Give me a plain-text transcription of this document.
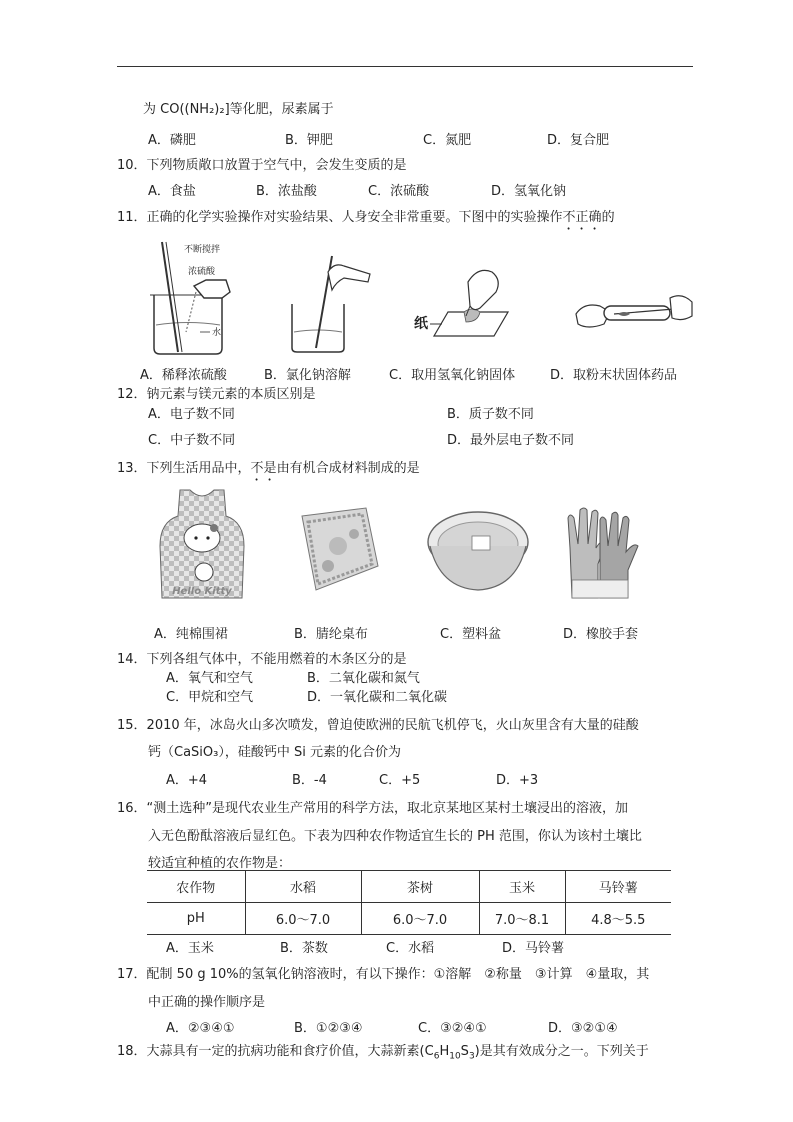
为 CO((NH₂)₂]等化肥，尿素属于
A．磷肥	B．钾肥	C．氮肥	D．复合肥
10．下列物质敞口放置于空气中，会发生变质的是
A．食盐	B．浓盐酸	C．浓硫酸	D．氢氧化钠
11．正确的化学实验操作对实验结果、人身安全非常重要。下图中的实验操作不正确的
不断搅拌
浓硫酸
水
纸
A．稀释浓硫酸	B．氯化钠溶解	C．取用氢氧化钠固体	D．取粉末状固体药品
12．钠元素与镁元素的本质区别是
A．电子数不同	B．质子数不同
C．中子数不同	D．最外层电子数不同
13．下列生活用品中，不是由有机合成材料制成的是
Hello Kitty
A．纯棉围裙	B．腈纶桌布	C．塑料盆	D．橡胶手套
14．下列各组气体中，不能用燃着的木条区分的是
A．氧气和空气	B．二氧化碳和氮气
C．甲烷和空气	D．一氧化碳和二氧化碳
15．2010 年，冰岛火山多次喷发，曾迫使欧洲的民航飞机停飞，火山灰里含有大量的硅酸
钙（CaSiO₃），硅酸钙中 Si 元素的化合价为
A．+4	B．-4	C．+5	D．+3
16．“测土选种”是现代农业生产常用的科学方法，取北京某地区某村土壤浸出的溶液，加
入无色酚酞溶液后显红色。下表为四种农作物适宜生长的 PH 范围，你认为该村土壤比
较适宜种植的农作物是：
农作物	水稻	茶树	玉米	马铃薯
pH	6.0～7.0	6.0～7.0	7.0～8.1	4.8～5.5
A．玉米	B．茶数	C．水稻	D．马铃薯
17．配制 50 g 10%的氢氧化钠溶液时，有以下操作：①溶解　②称量　③计算　④量取，其
中正确的操作顺序是
A．②③④①	B．①②③④	C．③②④①	D．③②①④
18．大蒜具有一定的抗病功能和食疗价值，大蒜新素$(C_6H_{10}S_3)$是其有效成分之一。下列关于
